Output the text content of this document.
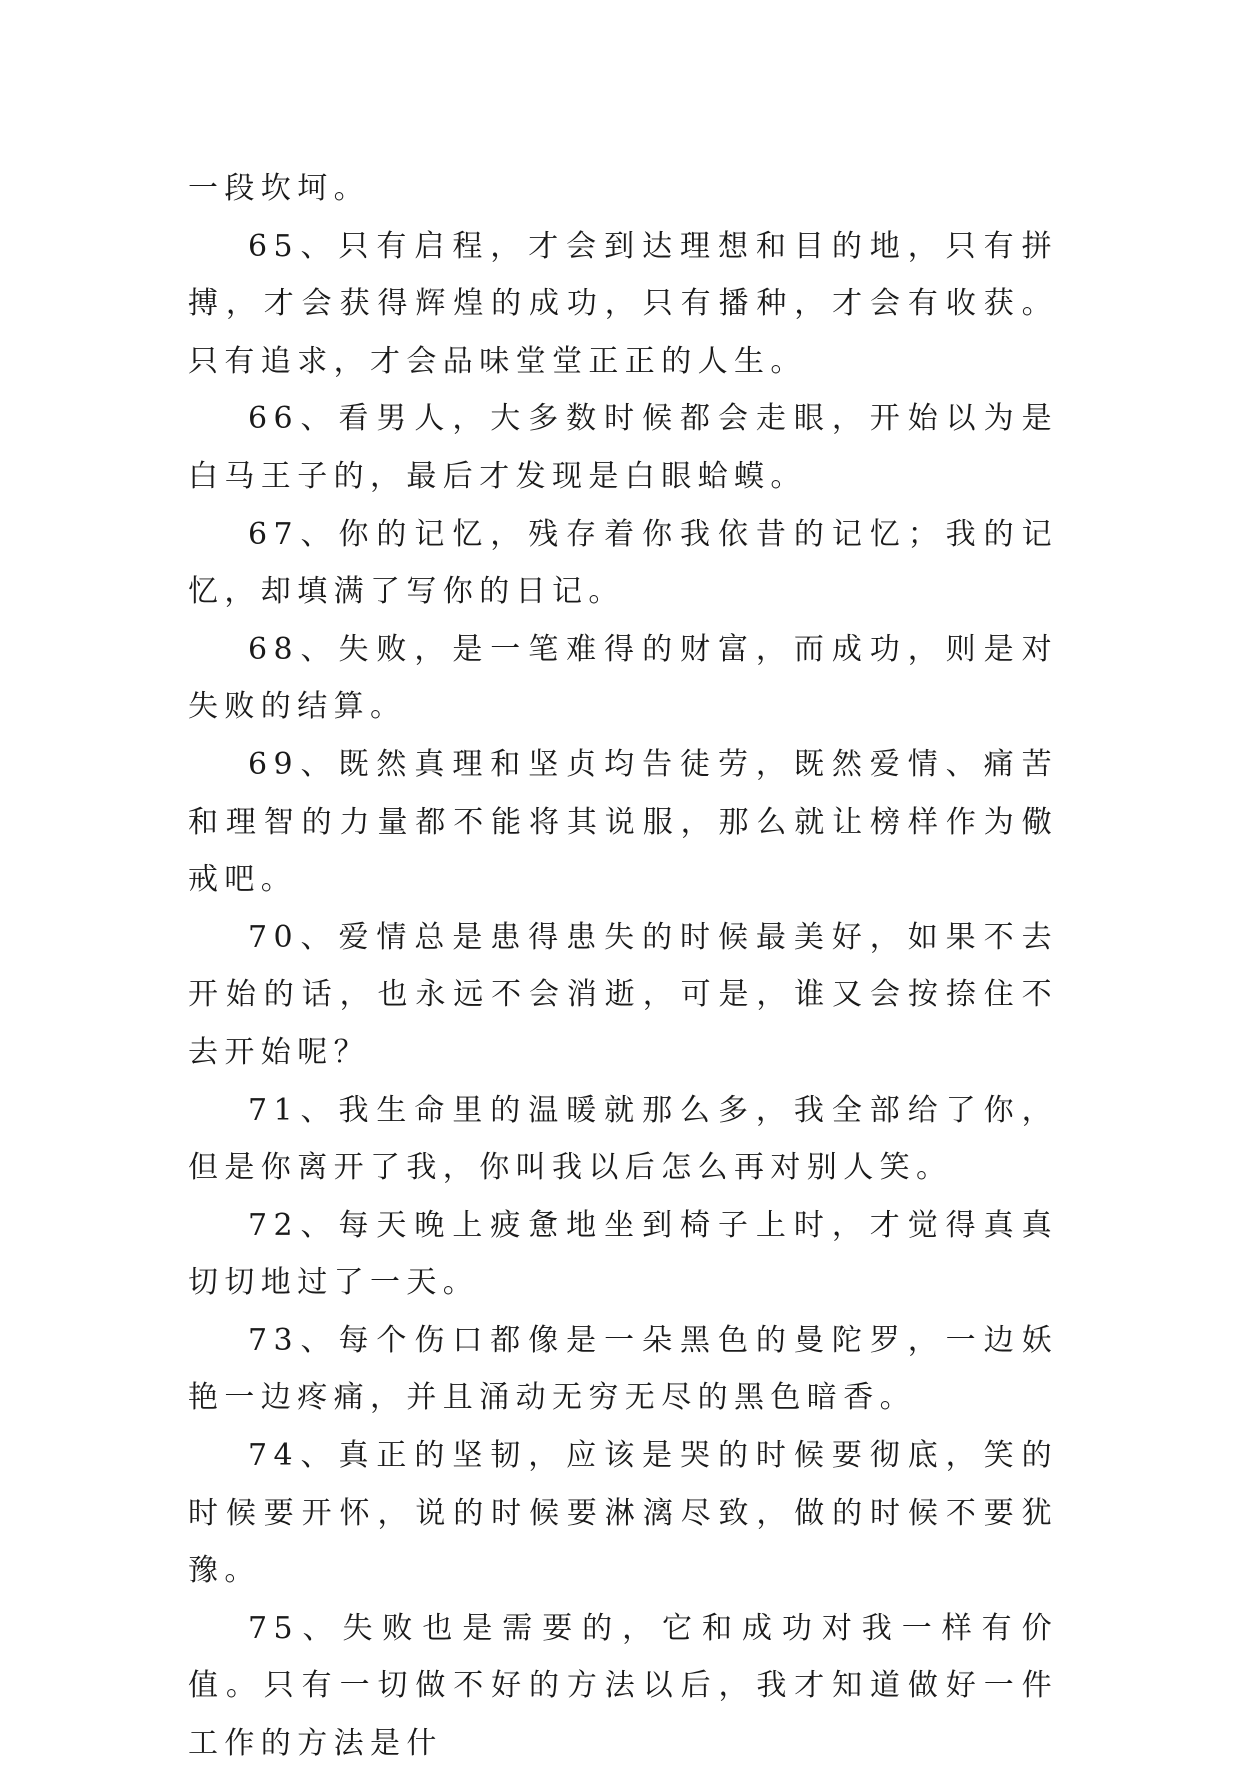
一段坎坷。

65、只有启程，才会到达理想和目的地，只有拼搏，才会获得辉煌的成功，只有播种，才会有收获。只有追求，才会品味堂堂正正的人生。

66、看男人，大多数时候都会走眼，开始以为是白马王子的，最后才发现是白眼蛤蟆。

67、你的记忆，残存着你我依昔的记忆；我的记忆，却填满了写你的日记。

68、失败，是一笔难得的财富，而成功，则是对失败的结算。

69、既然真理和坚贞均告徒劳，既然爱情、痛苦和理智的力量都不能将其说服，那么就让榜样作为儆戒吧。

70、爱情总是患得患失的时候最美好，如果不去开始的话，也永远不会消逝，可是，谁又会按捺住不去开始呢？

71、我生命里的温暖就那么多，我全部给了你，但是你离开了我，你叫我以后怎么再对别人笑。

72、每天晚上疲惫地坐到椅子上时，才觉得真真切切地过了一天。

73、每个伤口都像是一朵黑色的曼陀罗，一边妖艳一边疼痛，并且涌动无穷无尽的黑色暗香。

74、真正的坚韧，应该是哭的时候要彻底，笑的时候要开怀，说的时候要淋漓尽致，做的时候不要犹豫。

75、失败也是需要的，它和成功对我一样有价值。只有一切做不好的方法以后，我才知道做好一件工作的方法是什
